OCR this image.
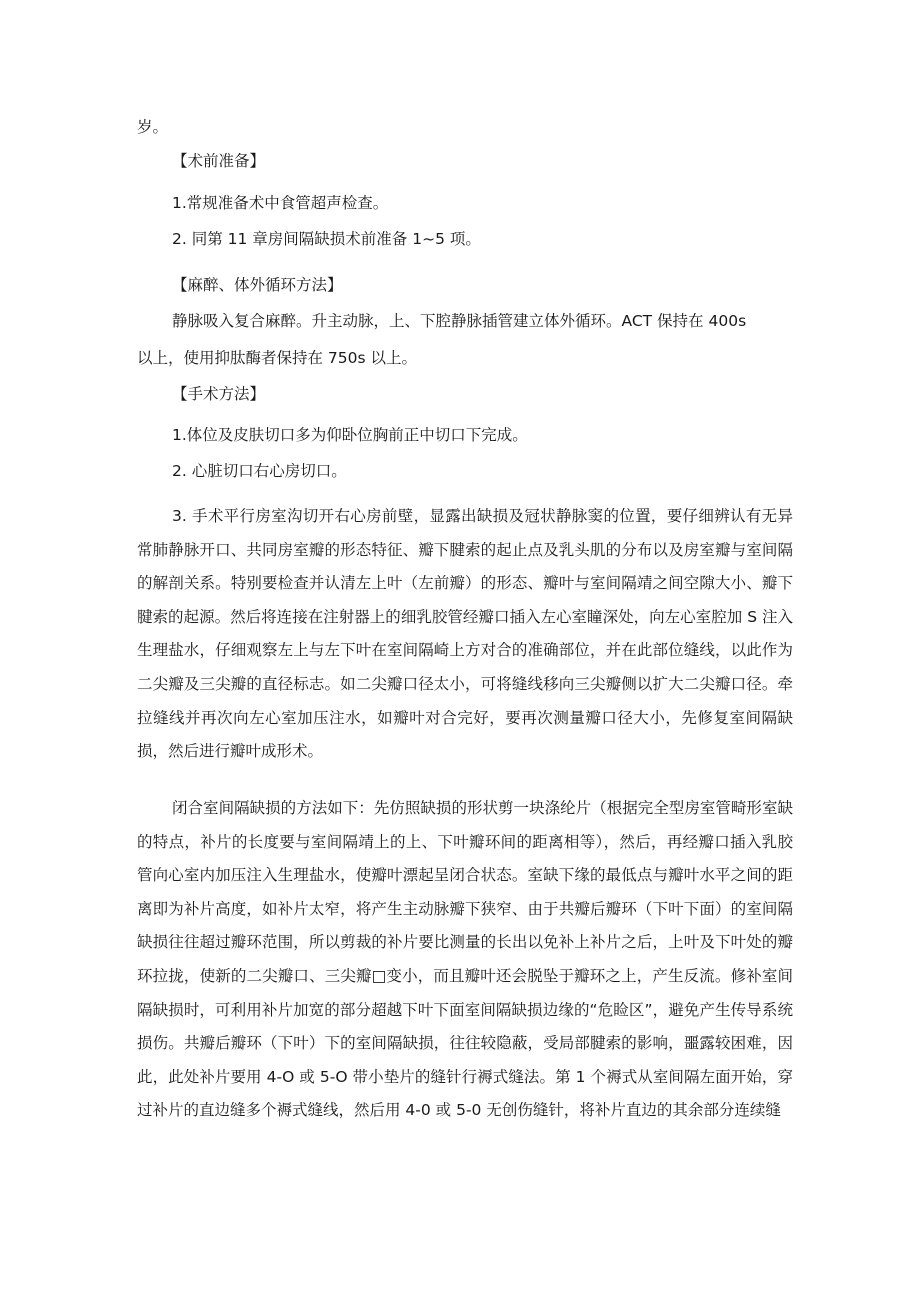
岁。
【术前准备】
1.常规准备术中食管超声检查。
2. 同第 11 章房间隔缺损术前准备 1~5 项。
【麻醉、体外循环方法】
静脉吸入复合麻醉。升主动脉，上、下腔静脉插管建立体外循环。ACT 保持在 400s
以上，使用抑肽酶者保持在 750s 以上。
【手术方法】
1.体位及皮肤切口多为仰卧位胸前正中切口下完成。
2. 心脏切口右心房切口。
3. 手术平行房室沟切开右心房前壁，显露出缺损及冠状静脉窦的位置，要仔细辨认有无异常肺静脉开口、共同房室瓣的形态特征、瓣下腱索的起止点及乳头肌的分布以及房室瓣与室间隔的解剖关系。特别要检查并认清左上叶（左前瓣）的形态、瓣叶与室间隔靖之间空隙大小、瓣下腱索的起源。然后将连接在注射器上的细乳胶管经瓣口插入左心室瞳深处，向左心室腔加 S 注入生理盐水，仔细观察左上与左下叶在室间隔崎上方对合的准确部位，并在此部位缝线，以此作为二尖瓣及三尖瓣的直径标志。如二尖瓣口径太小，可将缝线移向三尖瓣侧以扩大二尖瓣口径。牵拉缝线并再次向左心室加压注水，如瓣叶对合完好，要再次测量瓣口径大小，先修复室间隔缺损，然后进行瓣叶成形术。
闭合室间隔缺损的方法如下：先仿照缺损的形状剪一块涤纶片（根据完全型房室管畸形室缺的特点，补片的长度要与室间隔靖上的上、下叶瓣环间的距离相等），然后，再经瓣口插入乳胶管向心室内加压注入生理盐水，使瓣叶漂起呈闭合状态。室缺下缘的最低点与瓣叶水平之间的距离即为补片高度，如补片太窄，将产生主动脉瓣下狭窄、由于共瓣后瓣环（下叶下面）的室间隔缺损往往超过瓣环范围，所以剪裁的补片要比测量的长出以免补上补片之后，上叶及下叶处的瓣环拉拢，使新的二尖瓣口、三尖瓣□变小，而且瓣叶还会脱坠于瓣环之上，产生反流。修补室间隔缺损时，可利用补片加宽的部分超越下叶下面室间隔缺损边缘的“危睑区”，避免产生传导系统损伤。共瓣后瓣环（下叶）下的室间隔缺损，往往较隐蔽，受局部腱索的影响，噩露较困难，因此，此处补片要用 4-O 或 5-O 带小垫片的缝针行褥式缝法。第 1 个褥式从室间隔左面开始，穿过补片的直边缝多个褥式缝线，然后用 4-0 或 5-0 无创伤缝针，将补片直边的其余部分连续缝
